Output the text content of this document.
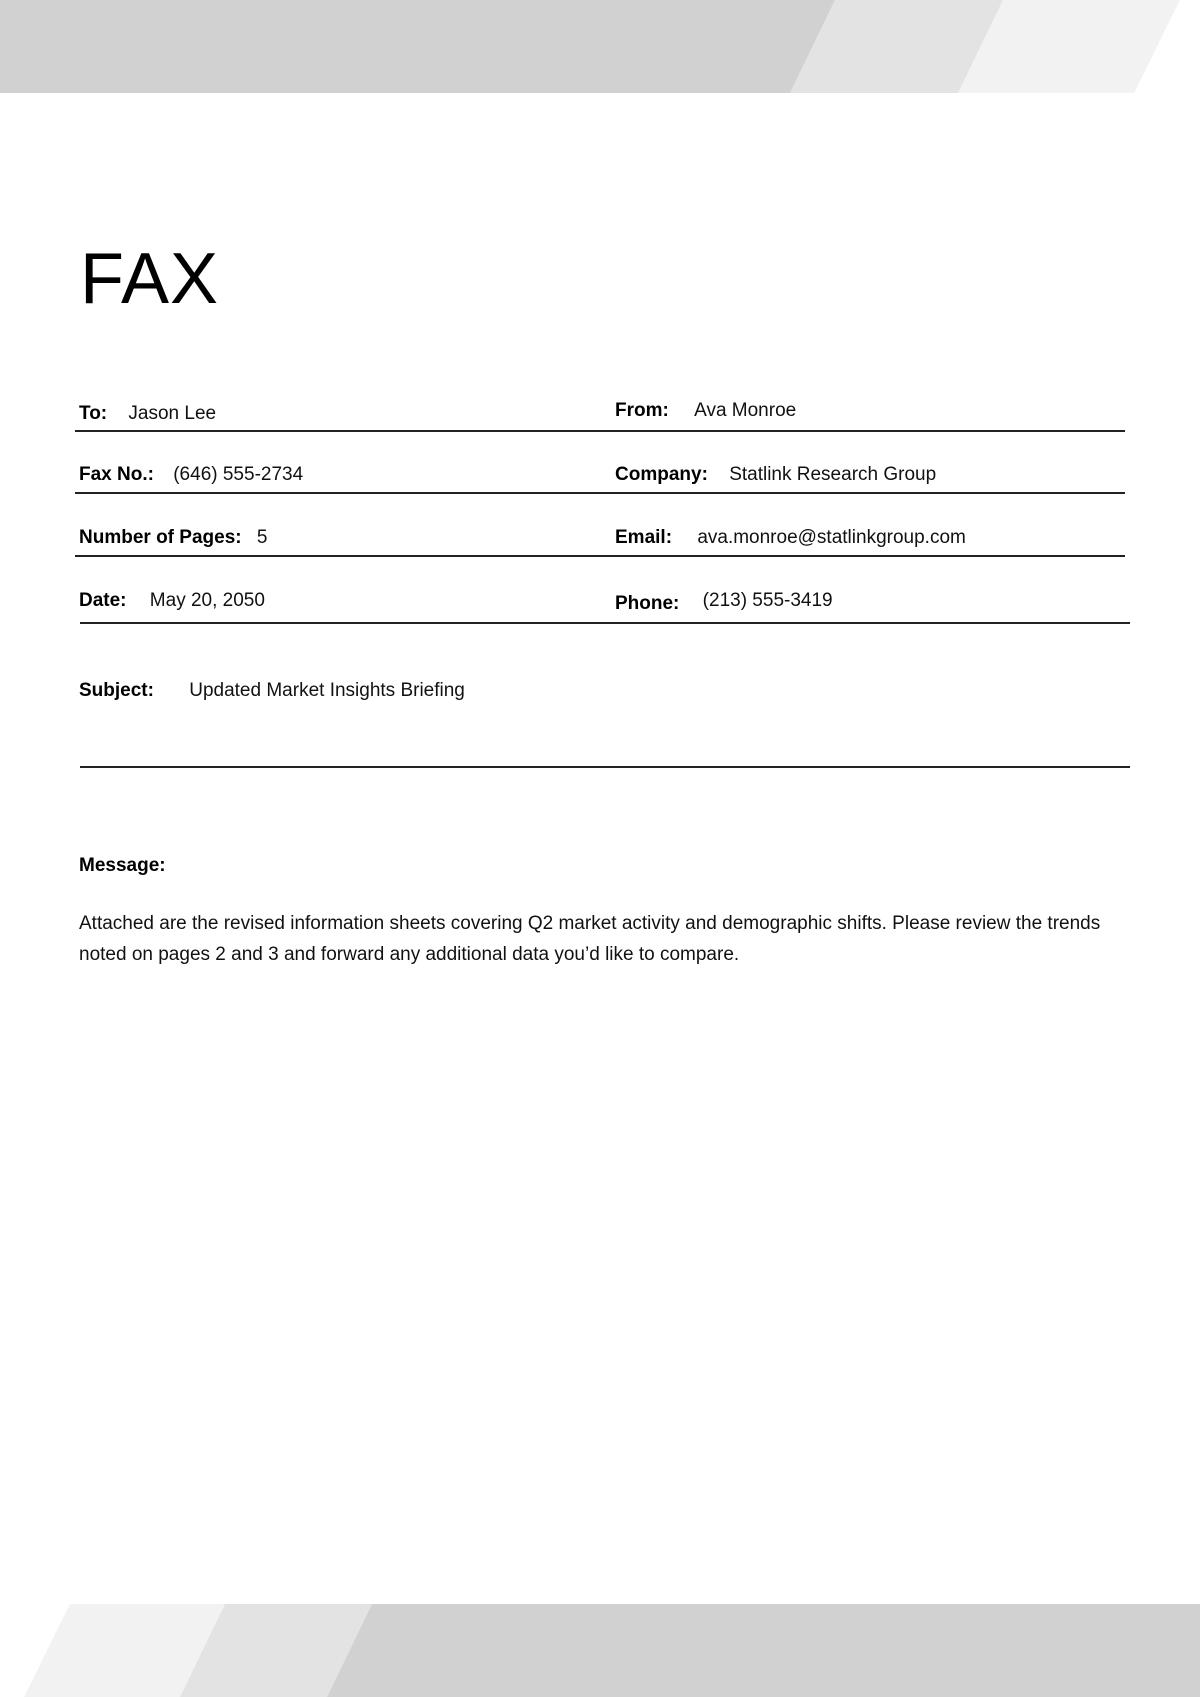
FAX
To: Jason Lee	From: Ava Monroe
Fax No.: (646) 555-2734	Company: Statlink Research Group
Number of Pages: 5	Email: ava.monroe@statlinkgroup.com
Date: May 20, 2050	Phone: (213) 555-3419
Subject: Updated Market Insights Briefing
Message:
Attached are the revised information sheets covering Q2 market activity and demographic shifts. Please review the trends noted on pages 2 and 3 and forward any additional data you’d like to compare.
